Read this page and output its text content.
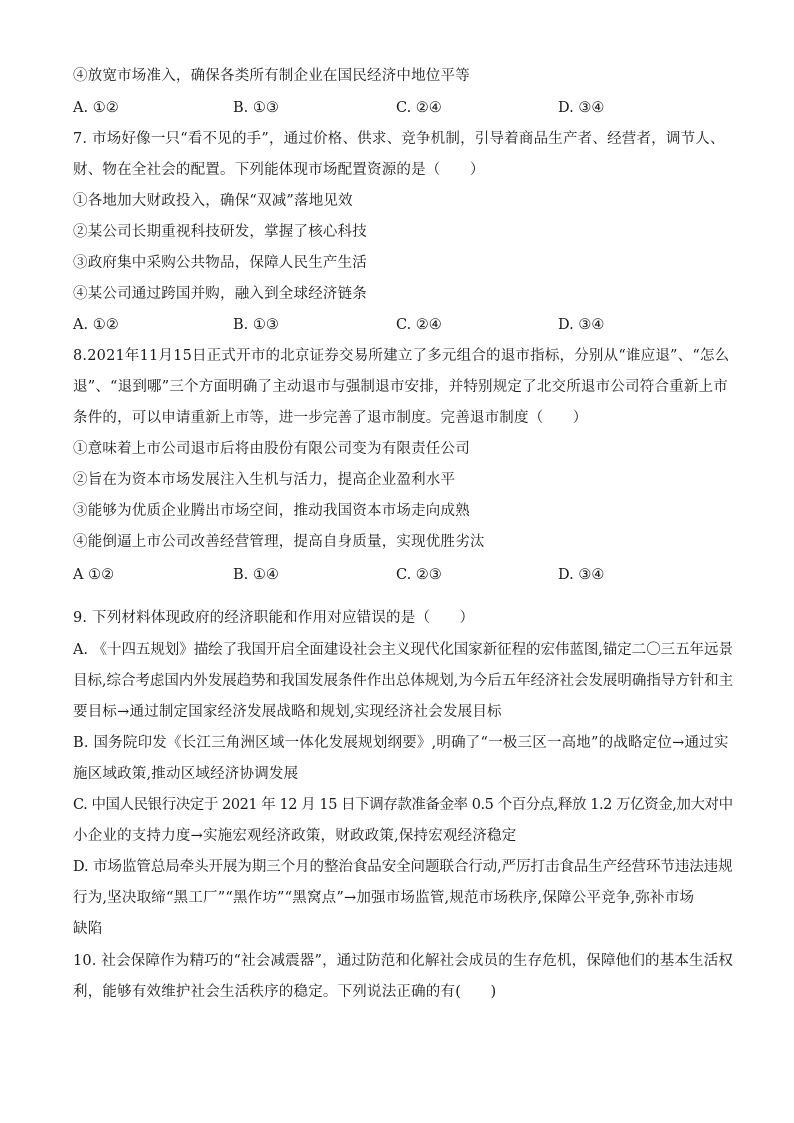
④放宽市场准入，确保各类所有制企业在国民经济中地位平等
A. ①②	B. ①③	C. ②④	D. ③④
7. 市场好像一只“看不见的手”，通过价格、供求、竞争机制，引导着商品生产者、经营者，调节人、
财、物在全社会的配置。下列能体现市场配置资源的是（　　）
①各地加大财政投入，确保“双减”落地见效
②某公司长期重视科技研发，掌握了核心科技
③政府集中采购公共物品，保障人民生产生活
④某公司通过跨国并购，融入到全球经济链条
A. ①②	B. ①③	C. ②④	D. ③④
8.2021年11月15日正式开市的北京证券交易所建立了多元组合的退市指标，分别从“谁应退”、“怎么
退”、“退到哪”三个方面明确了主动退市与强制退市安排，并特别规定了北交所退市公司符合重新上市
条件的，可以申请重新上市等，进一步完善了退市制度。完善退市制度（　　）
①意味着上市公司退市后将由股份有限公司变为有限责任公司
②旨在为资本市场发展注入生机与活力，提高企业盈利水平
③能够为优质企业腾出市场空间，推动我国资本市场走向成熟
④能倒逼上市公司改善经营管理，提高自身质量，实现优胜劣汰
A ①②	B. ①④	C. ②③	D. ③④
9. 下列材料体现政府的经济职能和作用对应错误的是（　　）
A. 《十四五规划》描绘了我国开启全面建设社会主义现代化国家新征程的宏伟蓝图,锚定二〇三五年远景
目标,综合考虑国内外发展趋势和我国发展条件作出总体规划,为今后五年经济社会发展明确指导方针和主
要目标→通过制定国家经济发展战略和规划,实现经济社会发展目标
B. 国务院印发《长江三角洲区域一体化发展规划纲要》,明确了“一极三区一高地”的战略定位→通过实
施区域政策,推动区域经济协调发展
C. 中国人民银行决定于 2021 年 12 月 15 日下调存款准备金率 0.5 个百分点,释放 1.2 万亿资金,加大对中
小企业的支持力度→实施宏观经济政策，财政政策,保持宏观经济稳定
D. 市场监管总局牵头开展为期三个月的整治食品安全问题联合行动,严厉打击食品生产经营环节违法违规
行为,坚决取缔“黑工厂”“黑作坊”“黑窝点”→加强市场监管,规范市场秩序,保障公平竞争,弥补市场
缺陷
10. 社会保障作为精巧的“社会减震器”，通过防范和化解社会成员的生存危机，保障他们的基本生活权
利，能够有效维护社会生活秩序的稳定。下列说法正确的有(　　)
